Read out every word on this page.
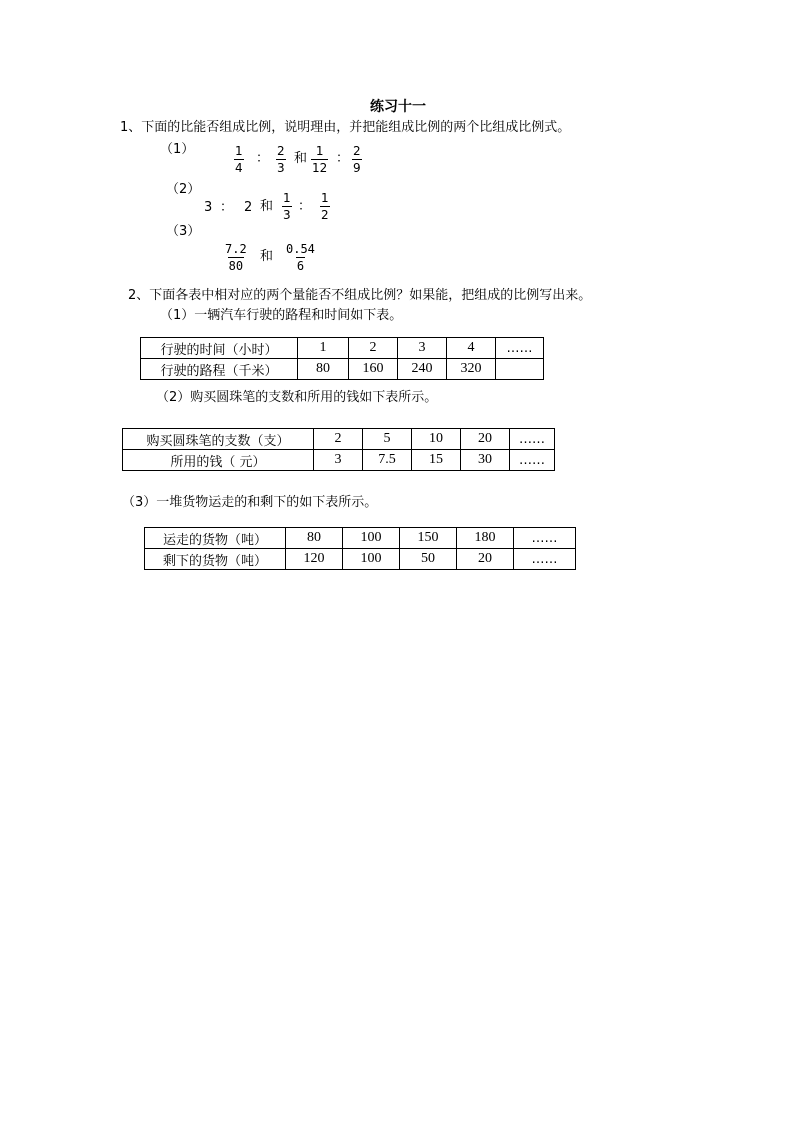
练习十一
1、下面的比能否组成比例，说明理由，并把能组成比例的两个比组成比例式。
（1）	$\frac{1}{4}$ ： $\frac{2}{3}$ 和 $\frac{1}{12}$ ： $\frac{2}{9}$
（2）
3 ： 2 和 $\frac{1}{3}$ ： $\frac{1}{2}$
（3）
$\frac{7.2}{80}$ 和 $\frac{0.54}{6}$
2、下面各表中相对应的两个量能否不组成比例？如果能，把组成的比例写出来。
（1）一辆汽车行驶的路程和时间如下表。
行驶的时间（小时）	1	2	3	4	……
行驶的路程（千米）	80	160	240	320	
（2）购买圆珠笔的支数和所用的钱如下表所示。
购买圆珠笔的支数（支）	2	5	10	20	……
所用的钱（ 元）	3	7.5	15	30	……
（3）一堆货物运走的和剩下的如下表所示。
运走的货物（吨）	80	100	150	180	……
剩下的货物（吨）	120	100	50	20	……
